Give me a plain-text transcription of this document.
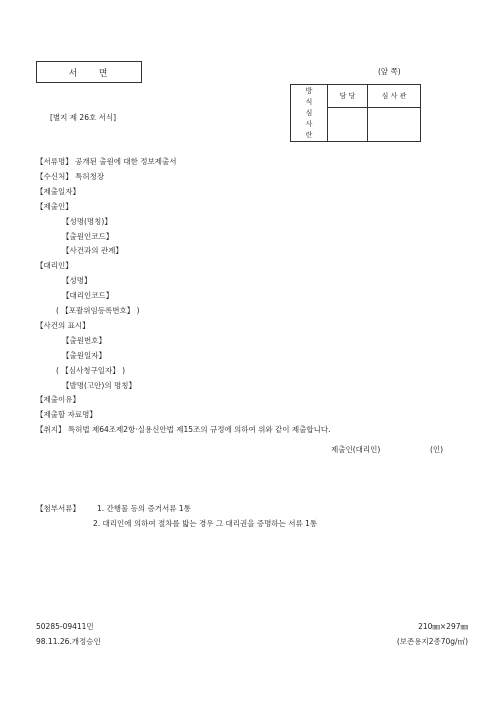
서    면	(앞 쪽)
[별지 제 26호 서식]
방
식
심
사
란	담 당	심 사 관

【서류명】 공개된 출원에 대한 정보제출서
【수신처】 특허청장
【제출일자】
【제출인】
【성명(명칭)】
【출원인코드】
【사건과의 관계】
【대리인】
【성명】
【대리인코드】
( 【포괄위임등록번호】 )
【사건의 표시】
【출원번호】
【출원일자】
( 【심사청구일자】 )
【발명(고안)의 명칭】
【제출이유】
【제출할 자료명】
【취지】 특허법 제64조제2항·실용신안법 제15조의 규정에 의하여 위와 같이 제출합니다.
제출인(대리인)	(인)
【첨부서류】 1. 간행물 등의 증거서류 1통
2. 대리인에 의하여 절차를 밟는 경우 그 대리권을 증명하는 서류 1통
50285-09411민
98.11.26.개정승인
210㎜×297㎜
(보존용지2종70g/㎡)
